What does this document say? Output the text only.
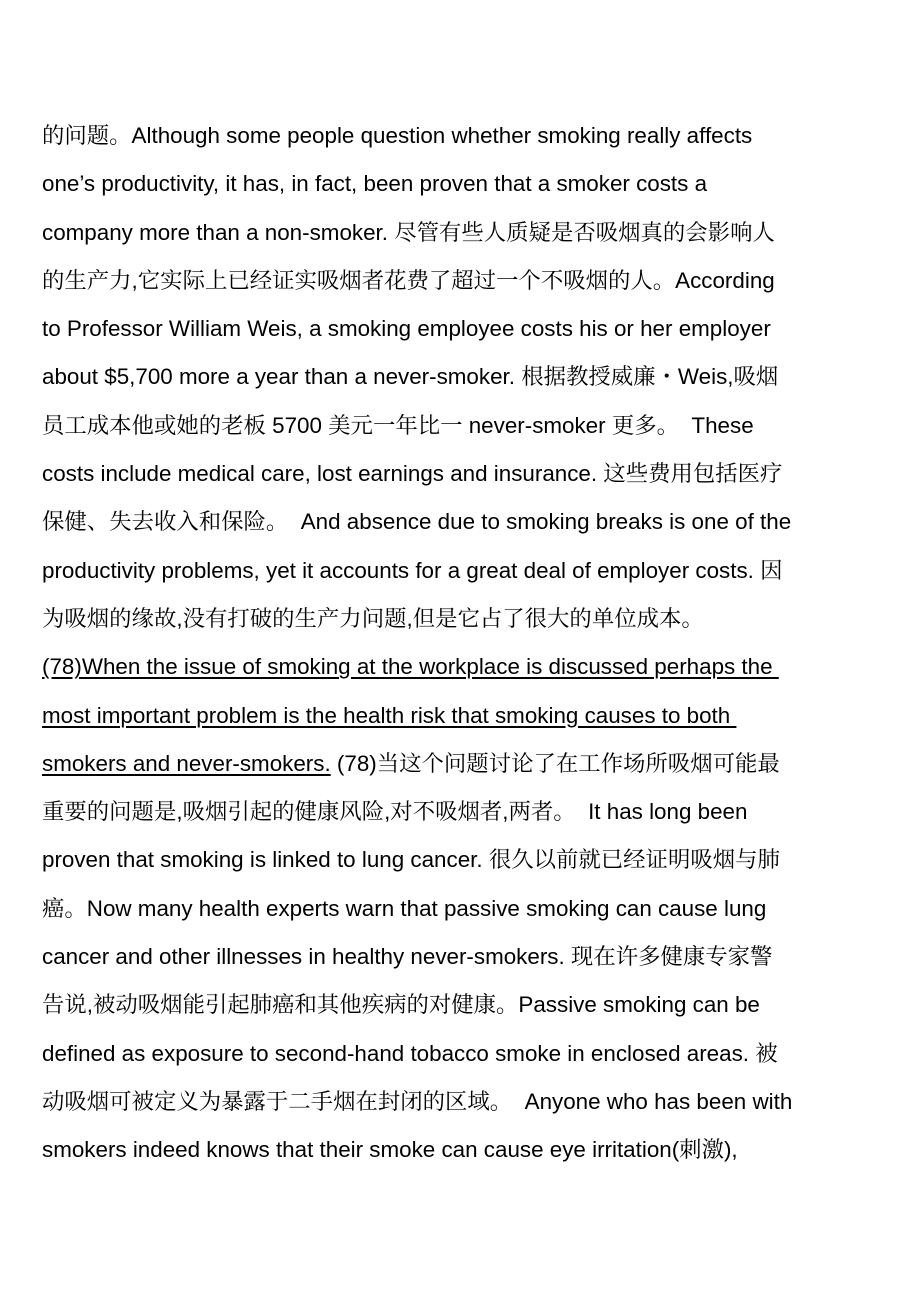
的问题。Although some people question whether smoking really affects
one’s productivity, it has, in fact, been proven that a smoker costs a
company more than a non-smoker. 尽管有些人质疑是否吸烟真的会影响人
的生产力,它实际上已经证实吸烟者花费了超过一个不吸烟的人。According
to Professor William Weis, a smoking employee costs his or her employer
about $5,700 more a year than a never-smoker. 根据教授威廉・Weis,吸烟
员工成本他或她的老板 5700 美元一年比一 never-smoker 更多。  These
costs include medical care, lost earnings and insurance. 这些费用包括医疗
保健、失去收入和保险。  And absence due to smoking breaks is one of the
productivity problems, yet it accounts for a great deal of employer costs. 因
为吸烟的缘故,没有打破的生产力问题,但是它占了很大的单位成本。
(78)When the issue of smoking at the workplace is discussed perhaps the
most important problem is the health risk that smoking causes to both
smokers and never-smokers. (78)当这个问题讨论了在工作场所吸烟可能最
重要的问题是,吸烟引起的健康风险,对不吸烟者,两者。  It has long been
proven that smoking is linked to lung cancer. 很久以前就已经证明吸烟与肺
癌。Now many health experts warn that passive smoking can cause lung
cancer and other illnesses in healthy never-smokers. 现在许多健康专家警
告说,被动吸烟能引起肺癌和其他疾病的对健康。Passive smoking can be
defined as exposure to second-hand tobacco smoke in enclosed areas. 被
动吸烟可被定义为暴露于二手烟在封闭的区域。  Anyone who has been with
smokers indeed knows that their smoke can cause eye irritation(刺激),
